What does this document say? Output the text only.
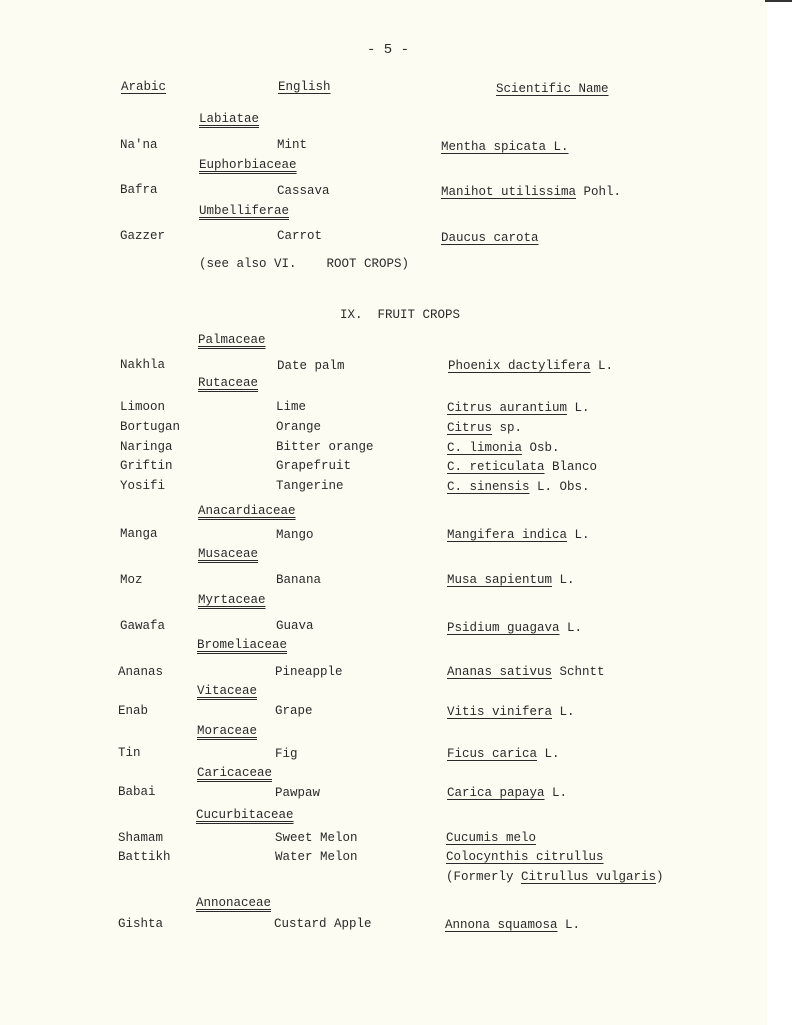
- 5 -
Arabic	English	Scientific Name
Labiatae
Na'na	Mint	Mentha spicata L.
Euphorbiaceae
Bafra	Cassava	Manihot utilissima Pohl.
Umbelliferae
Gazzer	Carrot	Daucus carota
(see also VI.    ROOT CROPS)
IX.  FRUIT CROPS
Palmaceae
Nakhla	Date palm	Phoenix dactylifera L.
Rutaceae
Limoon	Lime	Citrus aurantium L.
Bortugan	Orange	Citrus sp.
Naringa	Bitter orange	C. limonia Osb.
Griftin	Grapefruit	C. reticulata Blanco
Yosifi	Tangerine	C. sinensis L. Obs.
Anacardiaceae
Manga	Mango	Mangifera indica L.
Musaceae
Moz	Banana	Musa sapientum L.
Myrtaceae
Gawafa	Guava	Psidium guagava L.
Bromeliaceae
Ananas	Pineapple	Ananas sativus Schntt
Vitaceae
Enab	Grape	Vitis vinifera L.
Moraceae
Tin	Fig	Ficus carica L.
Caricaceae
Babai	Pawpaw	Carica papaya L.
Cucurbitaceae
Shamam	Sweet Melon	Cucumis melo
Battikh	Water Melon	Colocynthis citrullus
(Formerly Citrullus vulgaris)
Annonaceae
Gishta	Custard Apple	Annona squamosa L.
